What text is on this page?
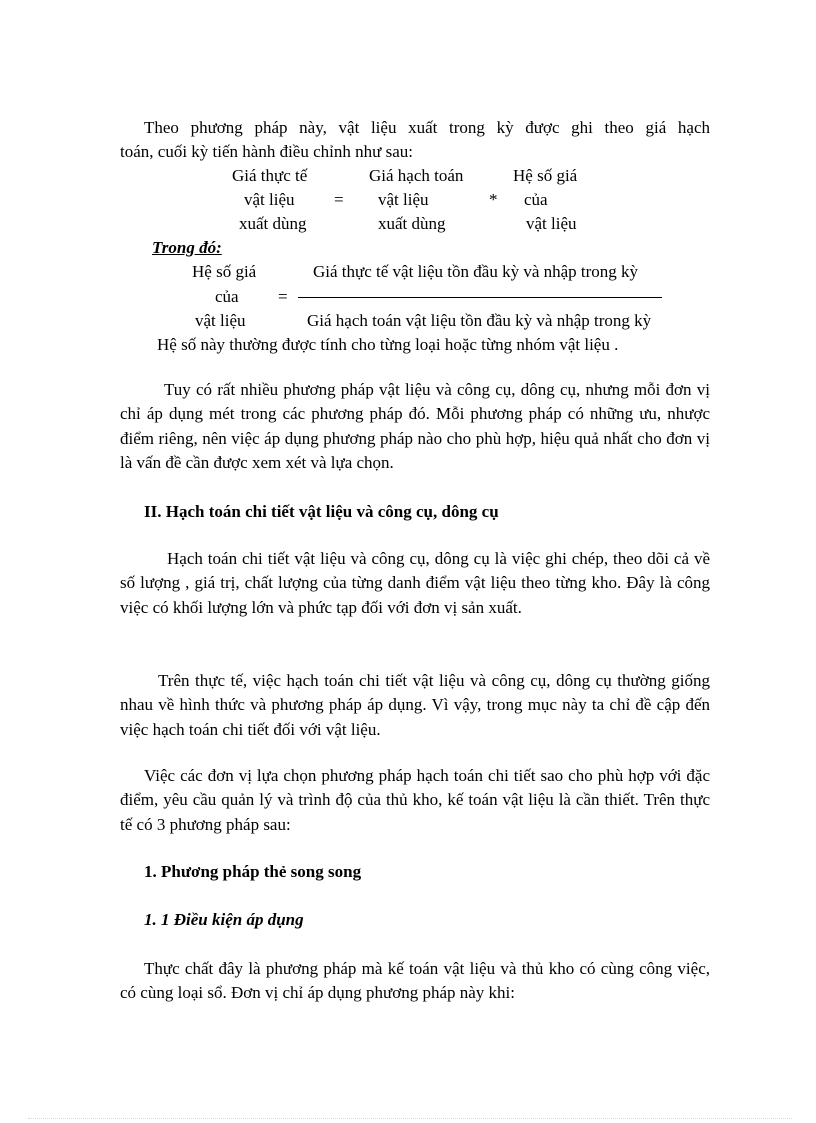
Theo phương pháp này, vật liệu xuất trong kỳ được ghi theo giá hạch
toán, cuối kỳ tiến hành điều chỉnh như sau:
Giá thực tế
vật liệu
xuất dùng
=
Giá hạch toán
vật liệu
xuất dùng
*
Hệ số giá
của
vật liệu
Trong đó:
Hệ số giá
của
vật liệu
=
Giá thực tế vật liệu tồn đầu kỳ và nhập trong kỳ
Giá hạch toán vật liệu tồn đầu kỳ và nhập trong kỳ
Hệ số này thường được tính cho từng loại hoặc từng nhóm vật liệu .
Tuy có rất nhiều phương pháp vật liệu và công cụ, dông cụ, nhưng mỗi đơn vị chỉ áp dụng mét trong các phương pháp đó. Mỗi phương pháp có những ưu, nhược điểm riêng, nên việc áp dụng phương pháp nào cho phù hợp, hiệu quả nhất cho đơn vị là vấn đề cần được xem xét và lựa chọn.
II. Hạch toán chi tiết vật liệu và công cụ, dông cụ
Hạch toán chi tiết vật liệu và công cụ, dông cụ là việc ghi chép, theo dõi cả về số lượng , giá trị, chất lượng của từng danh điểm vật liệu theo từng kho. Đây là công việc có khối lượng lớn và phức tạp đối với đơn vị sản xuất.
Trên thực tế, việc hạch toán chi tiết vật liệu và công cụ, dông cụ thường giống nhau về hình thức và phương pháp áp dụng. Vì vậy, trong mục này ta chỉ đề cập đến việc hạch toán chi tiết đối với vật liệu.
Việc các đơn vị lựa chọn phương pháp hạch toán chi tiết sao cho phù hợp với đặc điểm, yêu cầu quản lý và trình độ của thủ kho, kế toán vật liệu là cần thiết. Trên thực tế có 3 phương pháp sau:
1. Phương pháp thẻ song song
1. 1 Điều kiện áp dụng
Thực chất đây là phương pháp mà kế toán vật liệu và thủ kho có cùng công việc, có cùng loại sổ. Đơn vị chỉ áp dụng phương pháp này khi:
